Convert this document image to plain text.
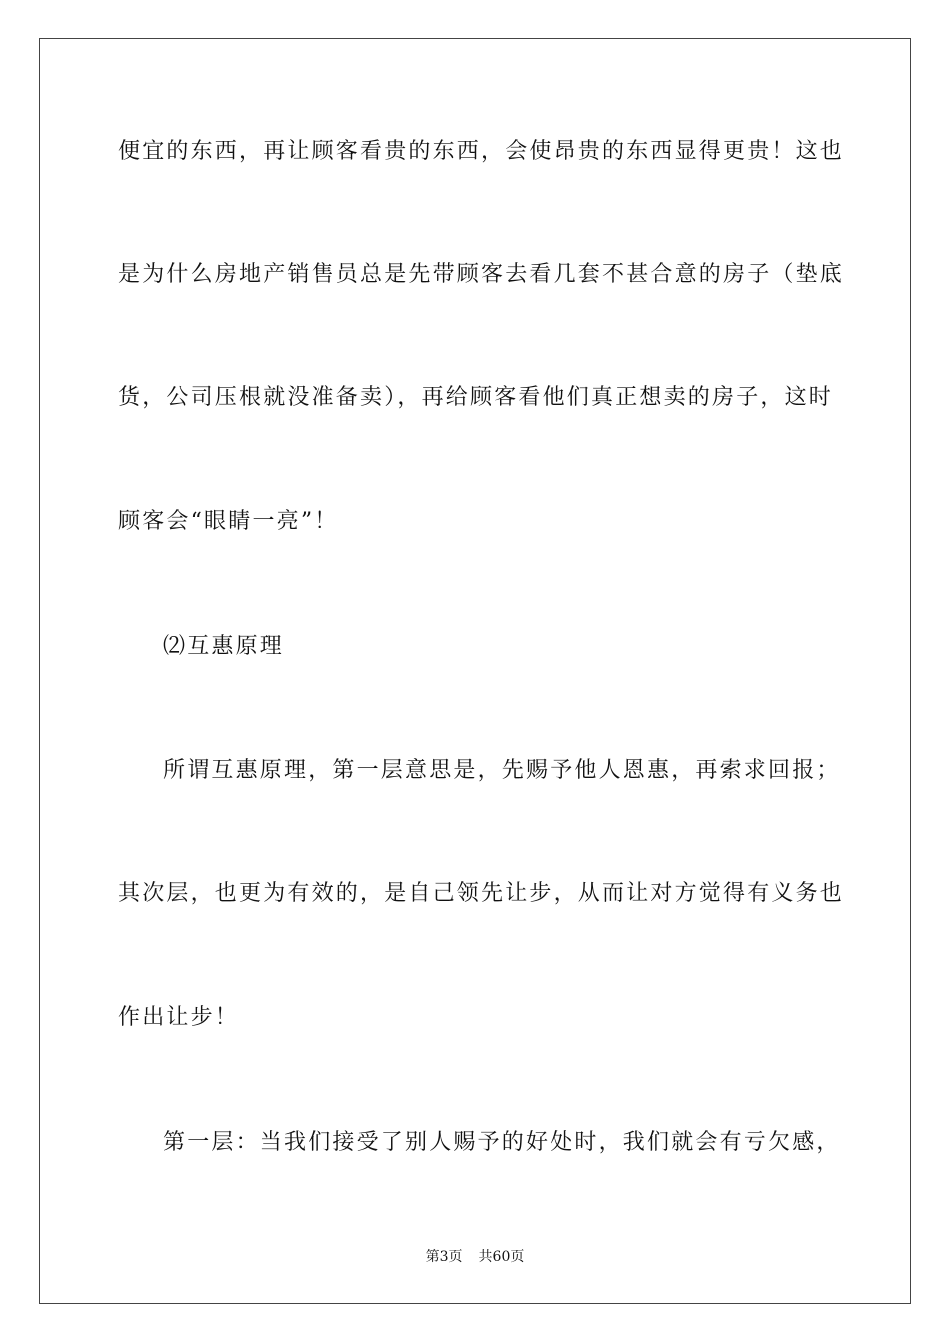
便宜的东西，再让顾客看贵的东西，会使昂贵的东西显得更贵！这也
是为什么房地产销售员总是先带顾客去看几套不甚合意的房子（垫底
货，公司压根就没准备卖），再给顾客看他们真正想卖的房子，这时
顾客会“眼睛一亮”！
⑵互惠原理
所谓互惠原理，第一层意思是，先赐予他人恩惠，再索求回报；
其次层，也更为有效的，是自己领先让步，从而让对方觉得有义务也
作出让步！
第一层：当我们接受了别人赐予的好处时，我们就会有亏欠感，
第3页 共60页
